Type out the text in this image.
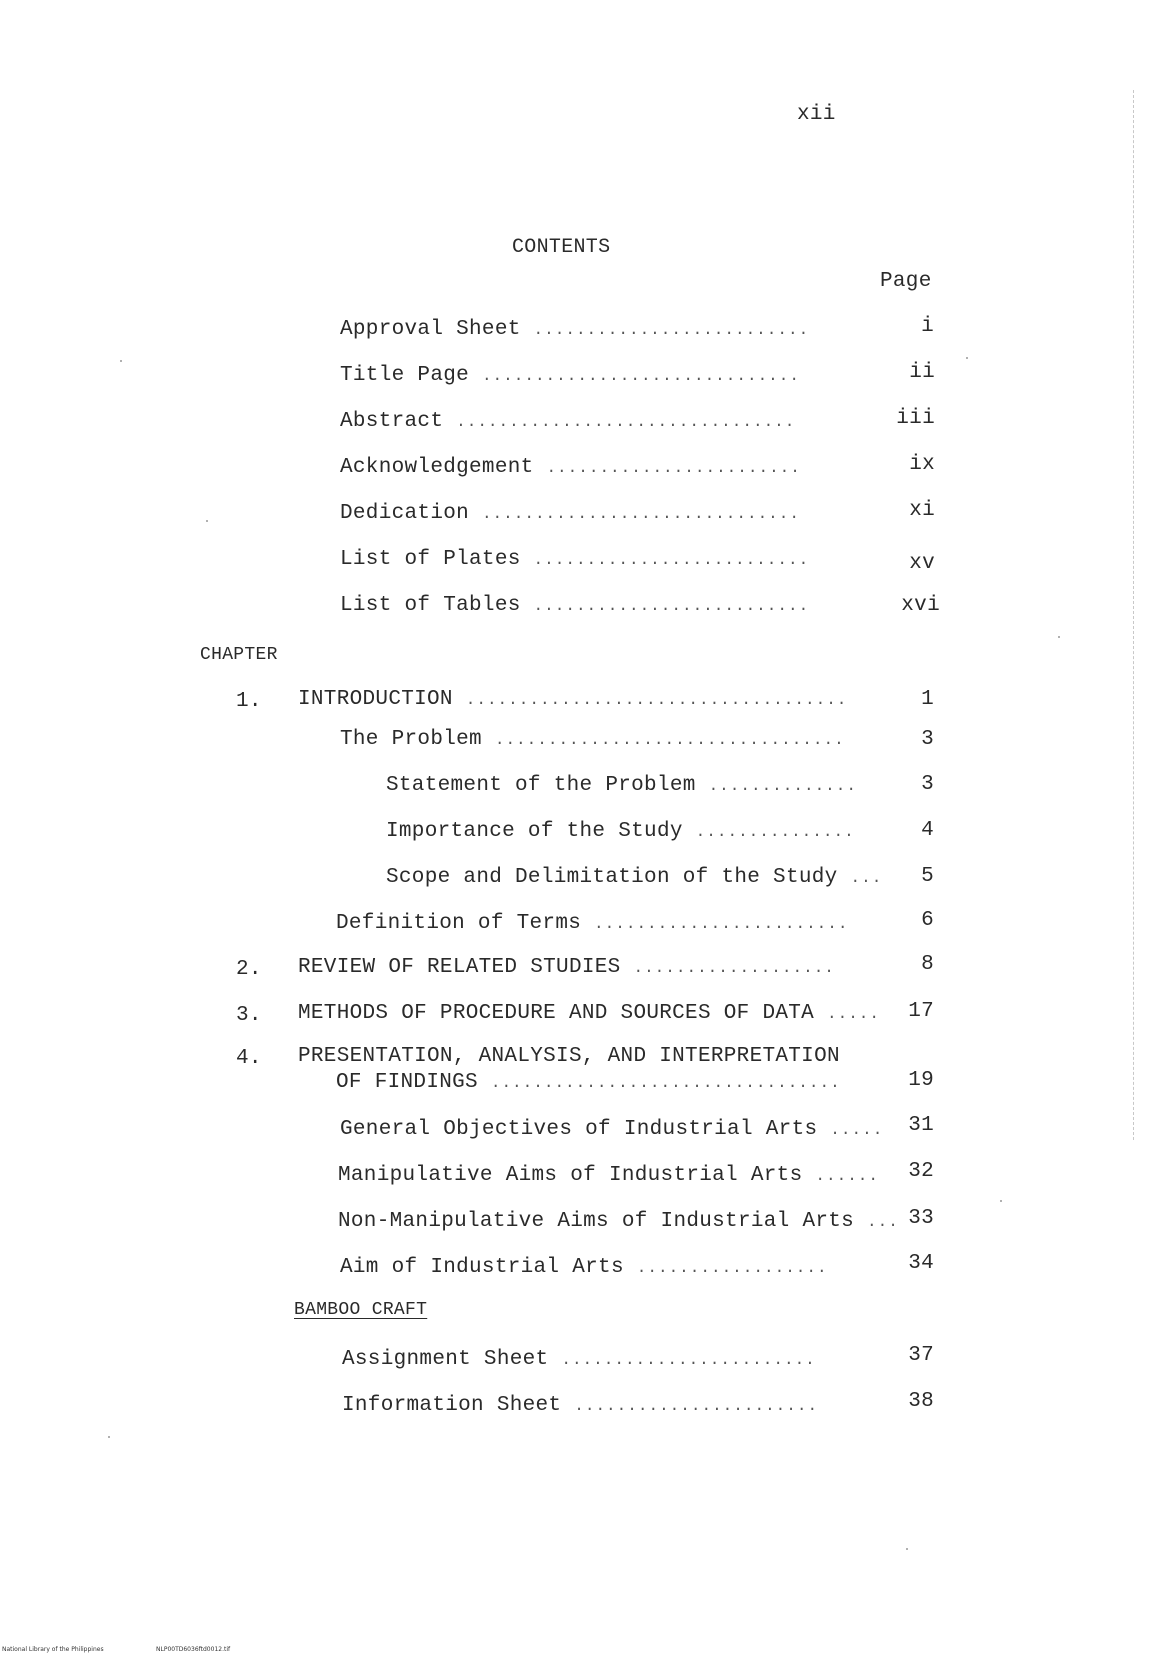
xii
CONTENTS
Page
Approval Sheet ..........................	i
Title Page ..............................	ii
Abstract ................................	iii
Acknowledgement ........................	ix
Dedication ..............................	xi
List of Plates ..........................	xv
List of Tables ..........................	xvi
CHAPTER
1. INTRODUCTION ....................................	1
The Problem .................................	3
Statement of the Problem ..............	3
Importance of the Study ...............	4
Scope and Delimitation of the Study ...	5
Definition of Terms ........................	6
2. REVIEW OF RELATED STUDIES ...................	8
3. METHODS OF PROCEDURE AND SOURCES OF DATA .....	17
4. PRESENTATION, ANALYSIS, AND INTERPRETATION
OF FINDINGS .................................	19
General Objectives of Industrial Arts .....	31
Manipulative Aims of Industrial Arts ......	32
Non-Manipulative Aims of Industrial Arts ... 33
Aim of Industrial Arts ..................	34
BAMBOO CRAFT
Assignment Sheet ........................	37
Information Sheet .......................	38
National Library of the Philippines	NLP00TD6036ftd0012.tif
